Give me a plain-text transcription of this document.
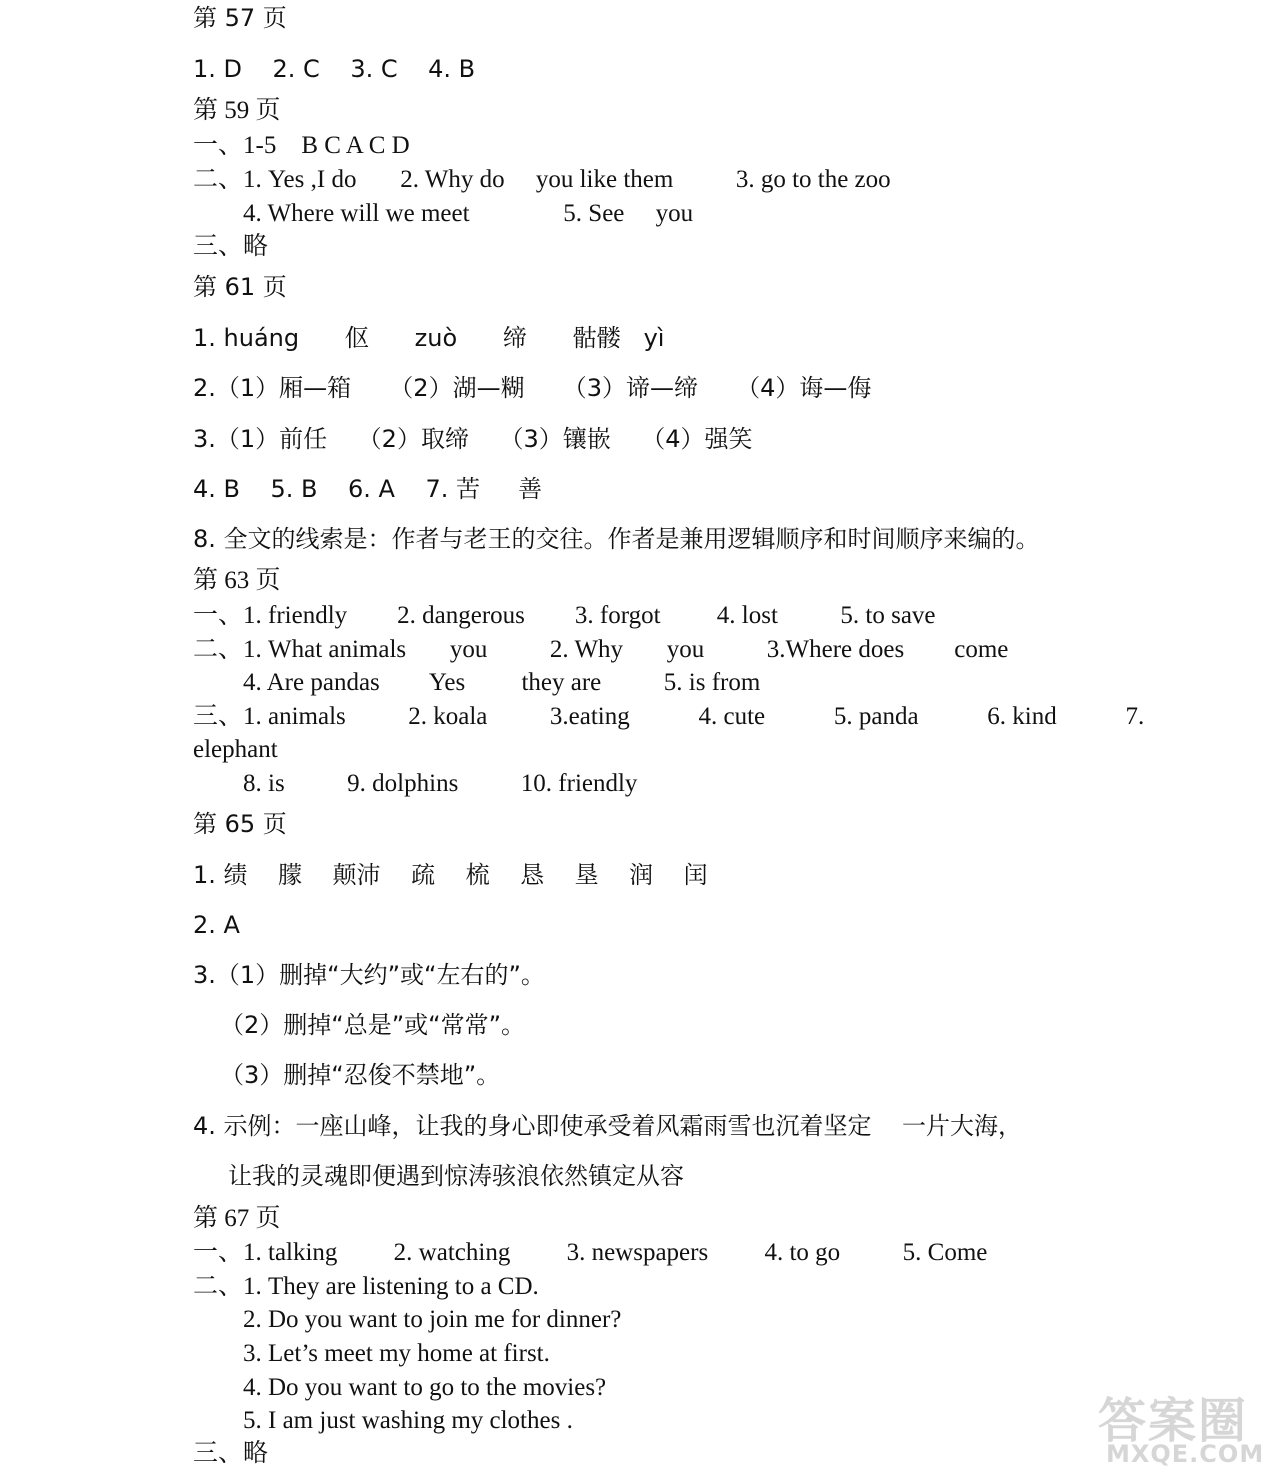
第 57 页
1. D    2. C    3. C    4. B
第 59 页
一、1-5    B C A C D
二、1. Yes ,I do       2. Why do     you like them          3. go to the zoo
4. Where will we meet               5. See     you
三、略
第 61 页
1. huáng      伛      zuò      缔      骷髅   yì
2.（1）厢—箱     （2）湖—糊     （3）谛—缔     （4）诲—侮
3.（1）前任    （2）取缔    （3）镶嵌    （4）强笑
4. B    5. B    6. A    7. 苦     善
8. 全文的线索是：作者与老王的交往。作者是兼用逻辑顺序和时间顺序来编的。
第 63 页
一、1. friendly        2. dangerous        3. forgot         4. lost          5. to save
二、1. What animals       you          2. Why       you          3.Where does        come
4. Are pandas        Yes         they are          5. is from
三、1. animals          2. koala          3.eating           4. cute           5. panda           6. kind           7.
elephant
8. is          9. dolphins          10. friendly
第 65 页
1. 绩    朦    颠沛    疏    梳    恳    垦    润    闰
2. A
3.（1）删掉“大约”或“左右的”。
（2）删掉“总是”或“常常”。
（3）删掉“忍俊不禁地”。
4. 示例：一座山峰，让我的身心即使承受着风霜雨雪也沉着坚定    一片大海，
让我的灵魂即便遇到惊涛骇浪依然镇定从容
第 67 页
一、1. talking         2. watching         3. newspapers         4. to go          5. Come
二、1. They are listening to a CD.
2. Do you want to join me for dinner?
3. Let’s meet my home at first.
4. Do you want to go to the movies?
5. I am just washing my clothes .
三、略
答案圈
MXQE.COM
